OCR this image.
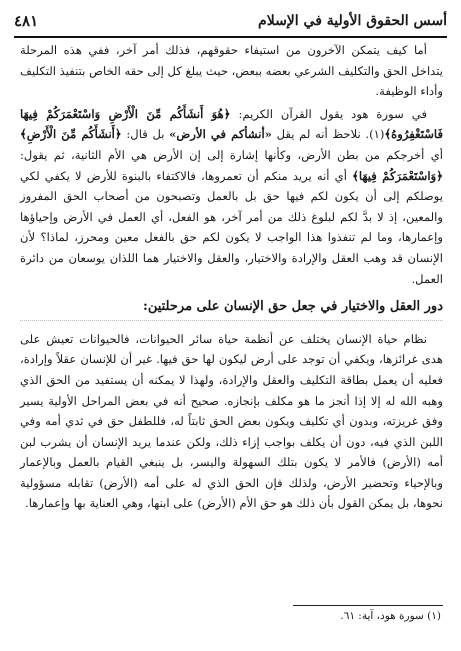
أسس الحقوق الأولية في الإسلام
٤٨١

أما كيف يتمكن الآخرون من استيفاء حقوقهم، فذلك أمر آخر، ففي هذه المرحلة يتداخل الحق والتكليف الشرعي بعضه ببعض، حيث يبلغ كل إلى حقه الخاص بتنفيذ التكليف وأداء الوظيفة.

في سورة هود يقول القرآن الكريم: ﴿هُوَ أَنشَأَكُم مِّنَ الْأَرْضِ وَاسْتَعْمَرَكُمْ فِيهَا فَاسْتَغْفِرُوهُ﴾(١). نلاحظ أنه لم يقل «أنشأكم في الأرض» بل قال: ﴿أَنشَأَكُم مِّنَ الْأَرْضِ﴾ أي أخرجكم من بطن الأرض، وكأنها إشارة إلى إن الأرض هي الأم الثانية، ثم يقول: ﴿وَاسْتَعْمَرَكُمْ فِيهَا﴾ أي أنه يريد منكم أن تعمروها، فالاكتفاء بالبنوة للأرض لا يكفي لكي يوصلكم إلى أن يكون لكم فيها حق بل بالعمل وتصبحون من أصحاب الحق المفروز والمعين، إذ لا بدَّ لكم لبلوغ ذلك من أمر آخر، هو الفعل، أي العمل في الأرض وإحياؤها وإعمارها، وما لم تنفذوا هذا الواجب لا يكون لكم حق بالفعل معين ومحرز، لماذا؟ لأن الإنسان قد وهب العقل والإرادة والاختيار، والعقل والاختيار هما اللذان يوسعان من دائرة العمل.

دور العقل والاختيار في جعل حق الإنسان على مرحلتين:

نظام حياة الإنسان يختلف عن أنظمة حياة سائر الحيوانات، فالحيوانات تعيش على هدى غرائزها، ويكفي أن توجد على أرض ليكون لها حق فيها. غير أن للإنسان عقلاً وإرادة، فعليه أن يعمل بطاقة التكليف والعقل والإرادة، ولهذا لا يمكنه أن يستفيد من الحق الذي وهبه الله له إلا إذا أنجز ما هو مكلف بإنجازه. صحيح أنه في بعض المراحل الأولية يسير وفق غريزته، وبدون أي تكليف ويكون بعض الحق ثابتاً له، فللطفل حق في ثدي أمه وفي اللبن الذي فيه، دون أن يكلف بواجب إزاء ذلك، ولكن عندما يريد الإنسان أن يشرب لبن أمه (الأرض) فالأمر لا يكون بتلك السهولة واليسر، بل ينبغي القيام بالعمل وبالإعمار وبالإحياء وتحضير الأرض، ولذلك فإن الحق الذي له على أمه (الأرض) تقابله مسؤولية نحوها، بل يمكن القول بأن ذلك هو حق الأم (الأرض) على ابنها، وهي العناية بها وإعمارها.

(١) سورة هود، آية: ٦١.
